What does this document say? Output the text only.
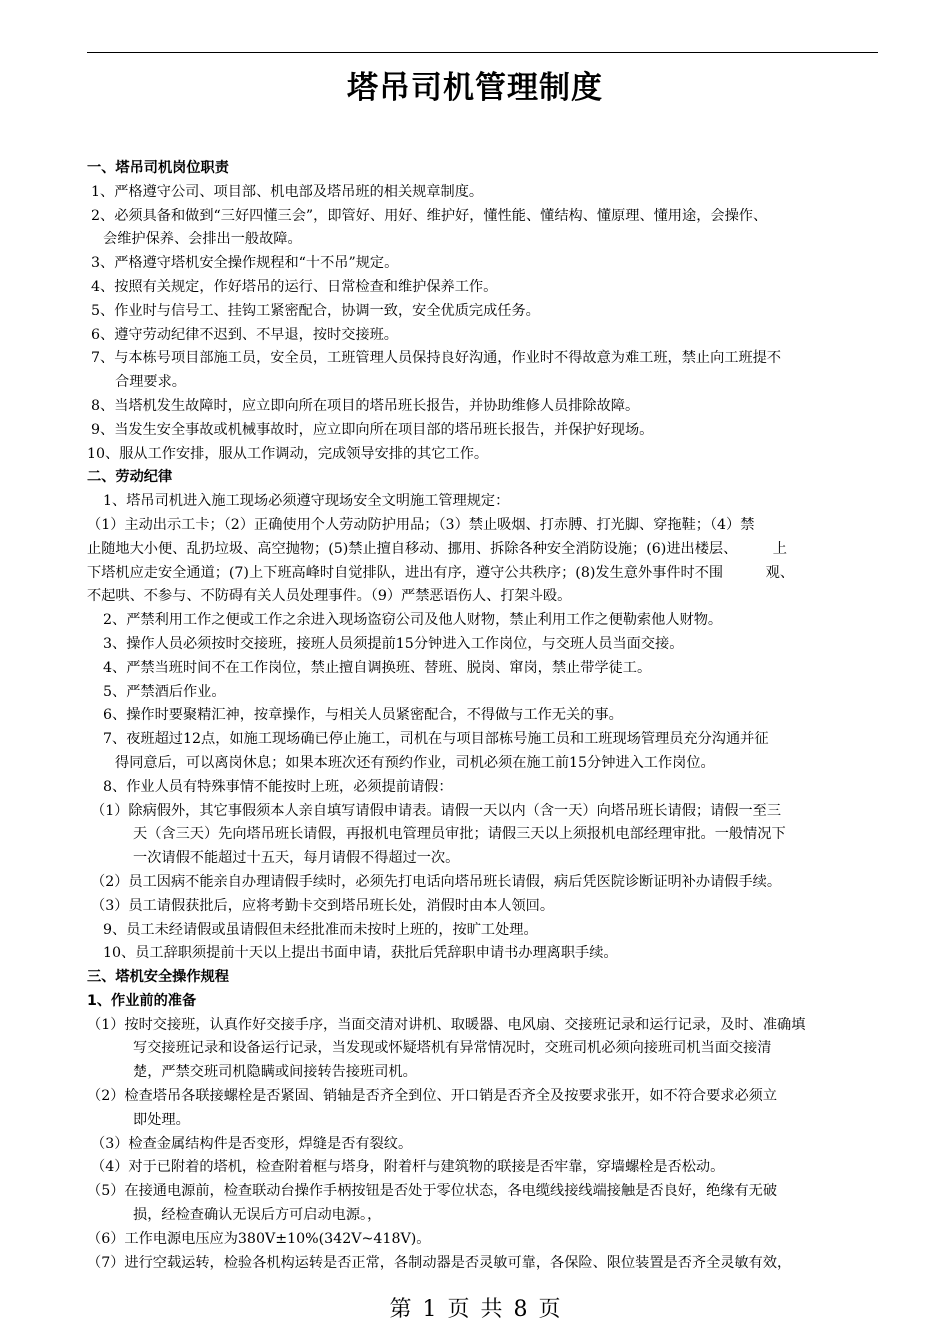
塔吊司机管理制度
一、塔吊司机岗位职责
1、严格遵守公司、项目部、机电部及塔吊班的相关规章制度。
2、必须具备和做到“三好四懂三会”，即管好、用好、维护好，懂性能、懂结构、懂原理、懂用途，会操作、
会维护保养、会排出一般故障。
3、严格遵守塔机安全操作规程和“十不吊”规定。
4、按照有关规定，作好塔吊的运行、日常检查和维护保养工作。
5、作业时与信号工、挂钩工紧密配合，协调一致，安全优质完成任务。
6、遵守劳动纪律不迟到、不早退，按时交接班。
7、与本栋号项目部施工员，安全员，工班管理人员保持良好沟通，作业时不得故意为难工班，禁止向工班提不
合理要求。
8、当塔机发生故障时，应立即向所在项目的塔吊班长报告，并协助维修人员排除故障。
9、当发生安全事故或机械事故时，应立即向所在项目部的塔吊班长报告，并保护好现场。
10、服从工作安排，服从工作调动，完成领导安排的其它工作。
二、劳动纪律
1、塔吊司机进入施工现场必须遵守现场安全文明施工管理规定：
（1）主动出示工卡；（2）正确使用个人劳动防护用品；（3）禁止吸烟、打赤膊、打光脚、穿拖鞋；（4）禁
止随地大小便、乱扔垃圾、高空抛物；(5)禁止擅自移动、挪用、拆除各种安全消防设施；(6)进出楼层、　　　上
下塔机应走安全通道；(7)上下班高峰时自觉排队，进出有序，遵守公共秩序；(8)发生意外事件时不围　　　观、
不起哄、不参与、不防碍有关人员处理事件。（9）严禁恶语伤人、打架斗殴。
2、严禁利用工作之便或工作之余进入现场盗窃公司及他人财物，禁止利用工作之便勒索他人财物。
3、操作人员必须按时交接班，接班人员须提前15分钟进入工作岗位，与交班人员当面交接。
4、严禁当班时间不在工作岗位，禁止擅自调换班、替班、脱岗、窜岗，禁止带学徒工。
5、严禁酒后作业。
6、操作时要聚精汇神，按章操作，与相关人员紧密配合，不得做与工作无关的事。
7、夜班超过12点，如施工现场确已停止施工，司机在与项目部栋号施工员和工班现场管理员充分沟通并征
得同意后，可以离岗休息；如果本班次还有预约作业，司机必须在施工前15分钟进入工作岗位。
8、作业人员有特殊事情不能按时上班，必须提前请假：
（1）除病假外，其它事假须本人亲自填写请假申请表。请假一天以内（含一天）向塔吊班长请假；请假一至三
天（含三天）先向塔吊班长请假，再报机电管理员审批；请假三天以上须报机电部经理审批。一般情况下
一次请假不能超过十五天，每月请假不得超过一次。
（2）员工因病不能亲自办理请假手续时，必须先打电话向塔吊班长请假，病后凭医院诊断证明补办请假手续。
（3）员工请假获批后，应将考勤卡交到塔吊班长处，消假时由本人领回。
9、员工未经请假或虽请假但未经批准而未按时上班的，按旷工处理。
10、员工辞职须提前十天以上提出书面申请，获批后凭辞职申请书办理离职手续。
三、塔机安全操作规程
1、作业前的准备
（1）按时交接班，认真作好交接手序，当面交清对讲机、取暖器、电风扇、交接班记录和运行记录，及时、准确填
写交接班记录和设备运行记录，当发现或怀疑塔机有异常情况时，交班司机必须向接班司机当面交接清
楚，严禁交班司机隐瞒或间接转告接班司机。
（2）检查塔吊各联接螺栓是否紧固、销轴是否齐全到位、开口销是否齐全及按要求张开，如不符合要求必须立
即处理。
（3）检查金属结构件是否变形，焊缝是否有裂纹。
（4）对于已附着的塔机，检查附着框与塔身，附着杆与建筑物的联接是否牢靠，穿墙螺栓是否松动。
（5）在接通电源前，检查联动台操作手柄按钮是否处于零位状态，各电缆线接线端接触是否良好，绝缘有无破
损，经检查确认无误后方可启动电源。，
（6）工作电源电压应为380V±10%(342V~418V)。
（7）进行空载运转，检验各机构运转是否正常，各制动器是否灵敏可靠，各保险、限位装置是否齐全灵敏有效，
第 1 页 共 8 页
